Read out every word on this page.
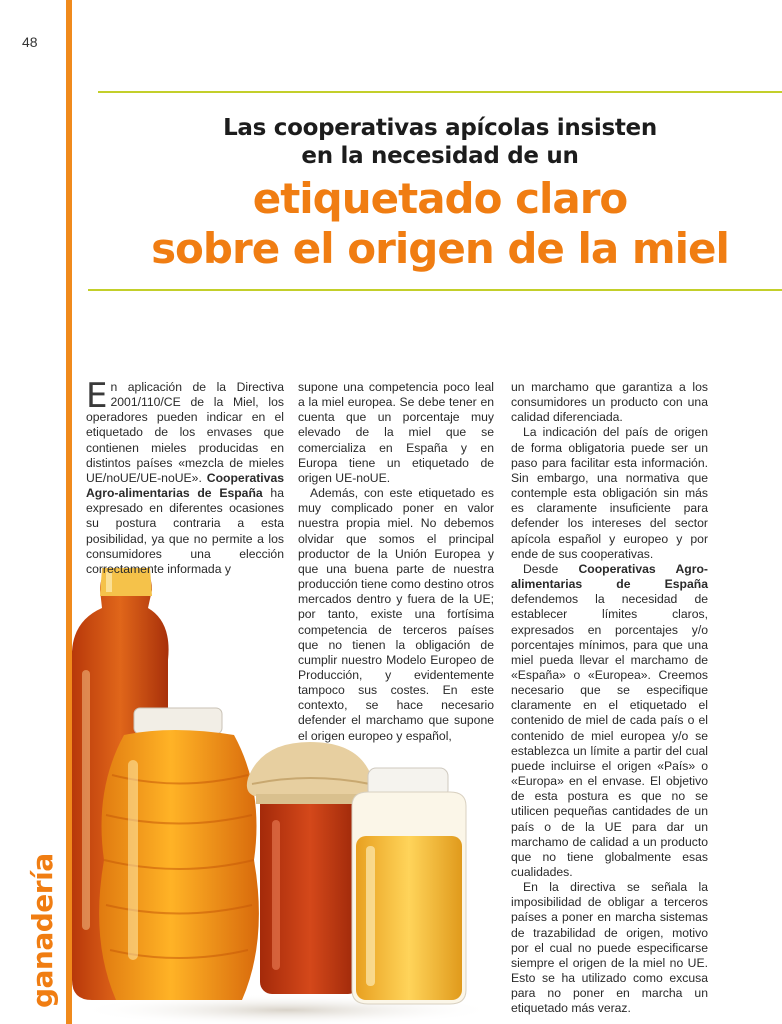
48
Las cooperativas apícolas insisten
en la necesidad de un
etiquetado claro
sobre el origen de la miel

En aplicación de la Directiva 2001/110/CE de la Miel, los operadores pueden indicar en el etiquetado de los envases que contienen mieles producidas en distintos países «mezcla de mieles UE/noUE/UE-noUE». Cooperativas Agro-alimentarias de España ha expresado en diferentes ocasiones su postura contraria a esta posibilidad, ya que no permite a los consumidores una elección correctamente informada y

supone una competencia poco leal a la miel europea. Se debe tener en cuenta que un porcentaje muy elevado de la miel que se comercializa en España y en Europa tiene un etiquetado de origen UE-noUE.

Además, con este etiquetado es muy complicado poner en valor nuestra propia miel. No debemos olvidar que somos el principal productor de la Unión Europea y que una buena parte de nuestra producción tiene como destino otros mercados dentro y fuera de la UE; por tanto, existe una fortísima competencia de terceros países que no tienen la obligación de cumplir nuestro Modelo Europeo de Producción, y evidentemente tampoco sus costes. En este contexto, se hace necesario defender el marchamo que supone el origen europeo y español,

un marchamo que garantiza a los consumidores un producto con una calidad diferenciada.

La indicación del país de origen de forma obligatoria puede ser un paso para facilitar esta información. Sin embargo, una normativa que contemple esta obligación sin más es claramente insuficiente para defender los intereses del sector apícola español y europeo y por ende de sus cooperativas.

Desde Cooperativas Agro-alimentarias de España defendemos la necesidad de establecer límites claros, expresados en porcentajes y/o porcentajes mínimos, para que una miel pueda llevar el marchamo de «España» o «Europea». Creemos necesario que se especifique claramente en el etiquetado el contenido de miel de cada país o el contenido de miel europea y/o se establezca un límite a partir del cual puede incluirse el origen «País» o «Europa» en el envase. El objetivo de esta postura es que no se utilicen pequeñas cantidades de un país o de la UE para dar un marchamo de calidad a un producto que no tiene globalmente esas cualidades.

En la directiva se señala la imposibilidad de obligar a terceros países a poner en marcha sistemas de trazabilidad de origen, motivo por el cual no puede especificarse siempre el origen de la miel no UE. Esto se ha utilizado como excusa para no poner en marcha un etiquetado más veraz.

ganadería
